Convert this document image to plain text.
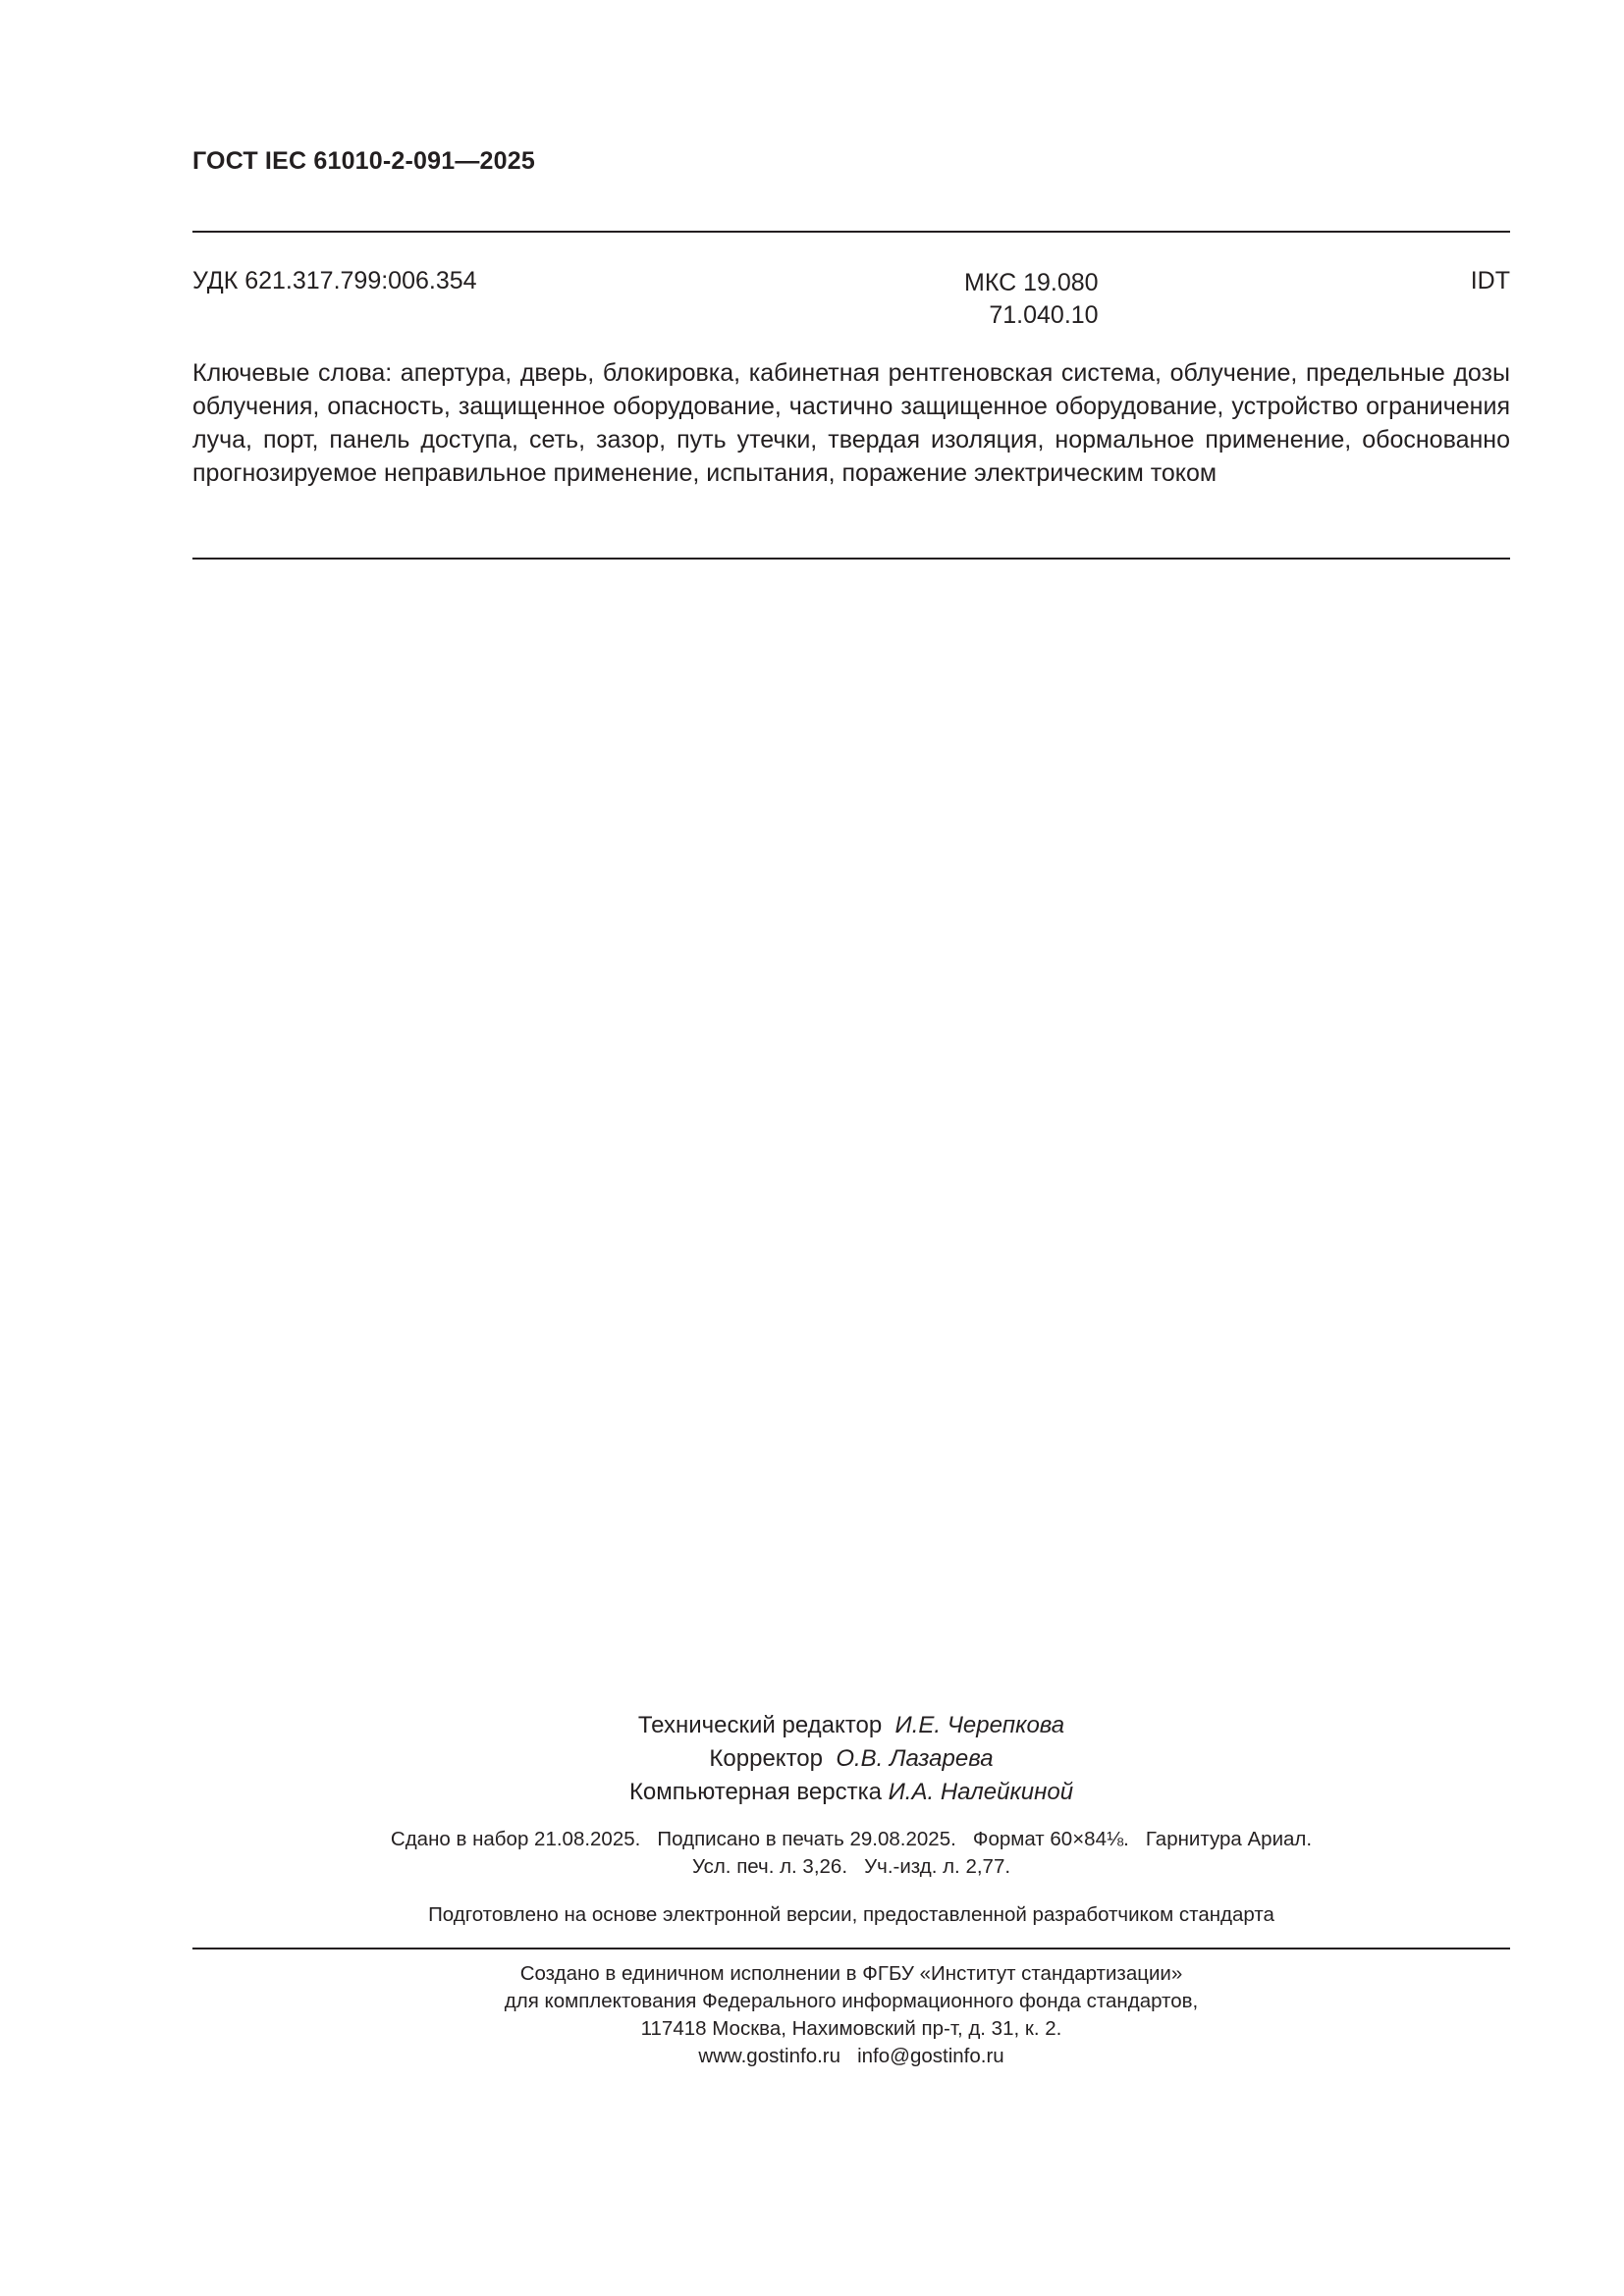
ГОСТ IEC 61010-2-091—2025
УДК 621.317.799:006.354	МКС 19.080
71.040.10
IDT
Ключевые слова: апертура, дверь, блокировка, кабинетная рентгеновская система, облучение, предельные дозы облучения, опасность, защищенное оборудование, частично защищенное оборудование, устройство ограничения луча, порт, панель доступа, сеть, зазор, путь утечки, твердая изоляция, нормальное применение, обоснованно прогнозируемое неправильное применение, испытания, поражение электрическим током
Технический редактор И.Е. Черепкова
Корректор О.В. Лазарева
Компьютерная верстка И.А. Налейкиной
Сдано в набор 21.08.2025.   Подписано в печать 29.08.2025.   Формат 60×84⅛.   Гарнитура Ариал.
Усл. печ. л. 3,26.   Уч.-изд. л. 2,77.
Подготовлено на основе электронной версии, предоставленной разработчиком стандарта
Создано в единичном исполнении в ФГБУ «Институт стандартизации»
для комплектования Федерального информационного фонда стандартов,
117418 Москва, Нахимовский пр-т, д. 31, к. 2.
www.gostinfo.ru   info@gostinfo.ru
